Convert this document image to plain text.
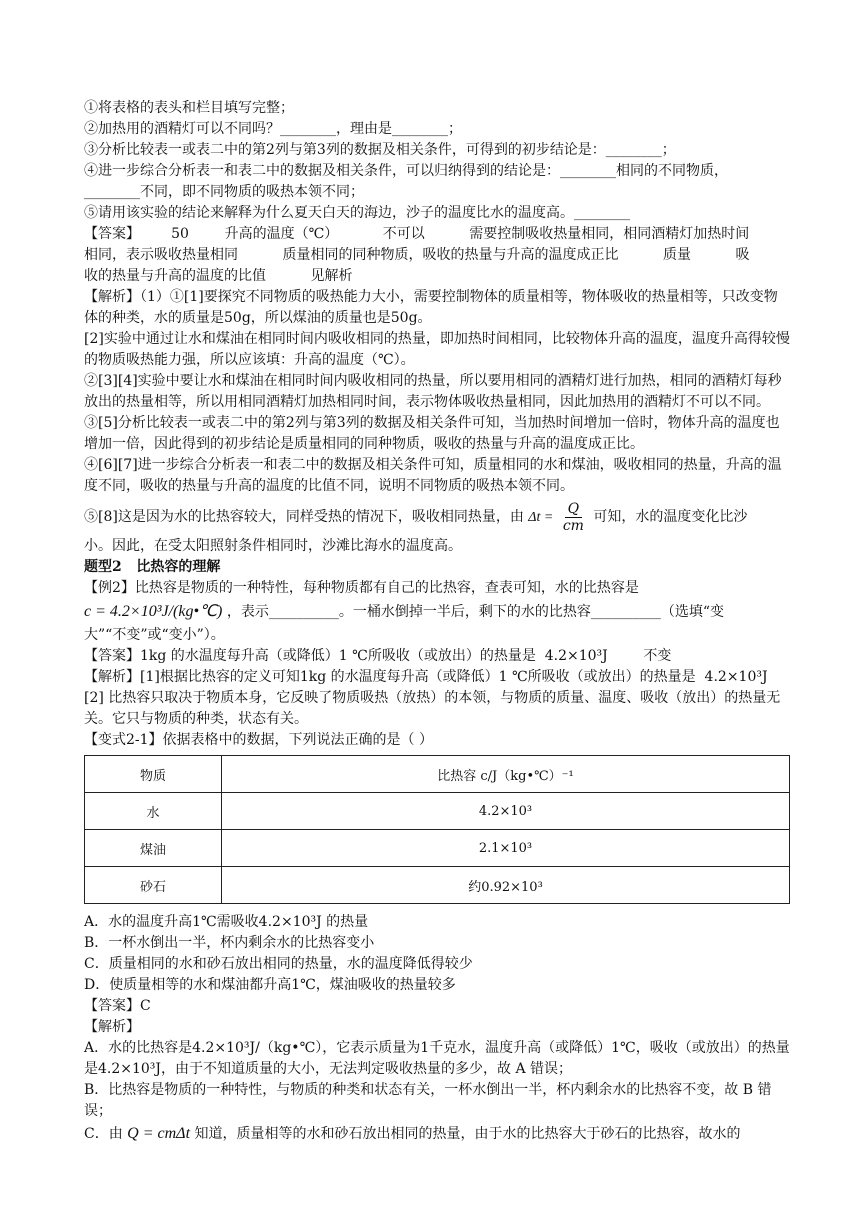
①将表格的表头和栏目填写完整；

②加热用的酒精灯可以不同吗？________，理由是________；

③分析比较表一或表二中的第2列与第3列的数据及相关条件，可得到的初步结论是：________；

④进一步综合分析表一和表二中的数据及相关条件，可以归纳得到的结论是：________相同的不同物质，

________不同，即不同物质的吸热本领不同；

⑤请用该实验的结论来解释为什么夏天白天的海边，沙子的温度比水的温度高。________

【答案】       50        升高的温度（℃）          不可以          需要控制吸收热量相同，相同酒精灯加热时间

相同，表示吸收热量相同          质量相同的同种物质，吸收的热量与升高的温度成正比          质量          吸

收的热量与升高的温度的比值          见解析

【解析】（1）①[1]要探究不同物质的吸热能力大小，需要控制物体的质量相等，物体吸收的热量相等，只改变物体的种类，水的质量是50g，所以煤油的质量也是50g。

[2]实验中通过让水和煤油在相同时间内吸收相同的热量，即加热时间相同，比较物体升高的温度，温度升高得较慢的物质吸热能力强，所以应该填：升高的温度（℃）。

②[3][4]实验中要让水和煤油在相同时间内吸收相同的热量，所以要用相同的酒精灯进行加热，相同的酒精灯每秒放出的热量相等，所以用相同酒精灯加热相同时间，表示物体吸收热量相同，因此加热用的酒精灯不可以不同。

③[5]分析比较表一或表二中的第2列与第3列的数据及相关条件可知，当加热时间增加一倍时，物体升高的温度也增加一倍，因此得到的初步结论是质量相同的同种物质，吸收的热量与升高的温度成正比。

④[6][7]进一步综合分析表一和表二中的数据及相关条件可知，质量相同的水和煤油，吸收相同的热量，升高的温度不同，吸收的热量与升高的温度的比值不同，说明不同物质的吸热本领不同。

⑤[8]这是因为水的比热容较大，同样受热的情况下，吸收相同热量，由 $\Delta t = \frac{Q}{cm}$ 可知，水的温度变化比沙

小。因此，在受太阳照射条件相同时，沙滩比海水的温度高。

题型2   比热容的理解

【例2】比热容是物质的一种特性，每种物质都有自己的比热容，查表可知，水的比热容是

c = 4.2×10³J/(kg•℃) ，表示__________。一桶水倒掉一半后，剩下的水的比热容__________（选填“变

大”“不变”或“变小”）。

【答案】1kg 的水温度每升高（或降低）1 ℃所吸收（或放出）的热量是  4.2×10³J        不变

【解析】[1]根据比热容的定义可知1kg 的水温度每升高（或降低）1 ℃所吸收（或放出）的热量是  4.2×10³J

[2] 比热容只取决于物质本身，它反映了物质吸热（放热）的本领，与物质的质量、温度、吸收（放出）的热量无关。它只与物质的种类，状态有关。

【变式2-1】依据表格中的数据，下列说法正确的是（ ）

物质	比热容 c/J（kg•℃）⁻¹
水	4.2×10³
煤油	2.1×10³
砂石	约0.92×10³

A．水的温度升高1℃需吸收4.2×10³J 的热量

B．一杯水倒出一半，杯内剩余水的比热容变小

C．质量相同的水和砂石放出相同的热量，水的温度降低得较少

D．使质量相等的水和煤油都升高1℃，煤油吸收的热量较多

【答案】C

【解析】

A．水的比热容是4.2×10³J/（kg•℃），它表示质量为1千克水，温度升高（或降低）1℃，吸收（或放出）的热量是4.2×10³J，由于不知道质量的大小，无法判定吸收热量的多少，故 A 错误；

B．比热容是物质的一种特性，与物质的种类和状态有关，一杯水倒出一半，杯内剩余水的比热容不变，故 B 错误；

C．由 Q = cmΔt 知道，质量相等的水和砂石放出相同的热量，由于水的比热容大于砂石的比热容，故水的
